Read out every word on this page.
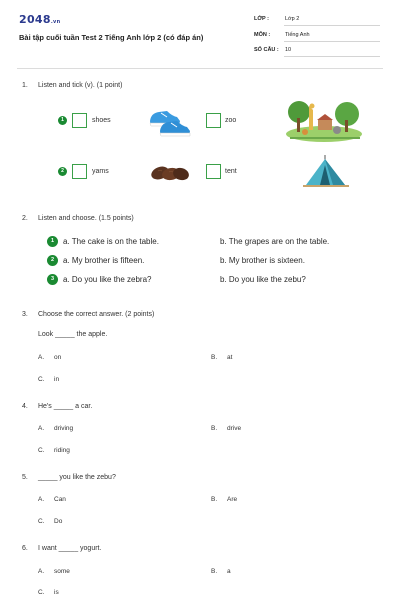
2048.vn
Bài tập cuối tuần Test 2 Tiếng Anh lớp 2 (có đáp án)
LỚP :	Lớp 2
MÔN :	Tiếng Anh
SỐ CÂU :	10
1. Listen and tick (v). (1 point)
1	shoes	zoo
2	yams	tent
2. Listen and choose. (1.5 points)
1	a. The cake is on the table.	b. The grapes are on the table.
2	a. My brother is fifteen.	b. My brother is sixteen.
3	a. Do you like the zebra?	b. Do you like the zebu?
3. Choose the correct answer. (2 points)
Look _____ the apple.
A. on	B. at
C. in
4. He's _____ a car.
A. driving	B. drive
C. riding
5. _____ you like the zebu?
A. Can	B. Are
C. Do
6. I want _____ yogurt.
A. some	B. a
C. is
